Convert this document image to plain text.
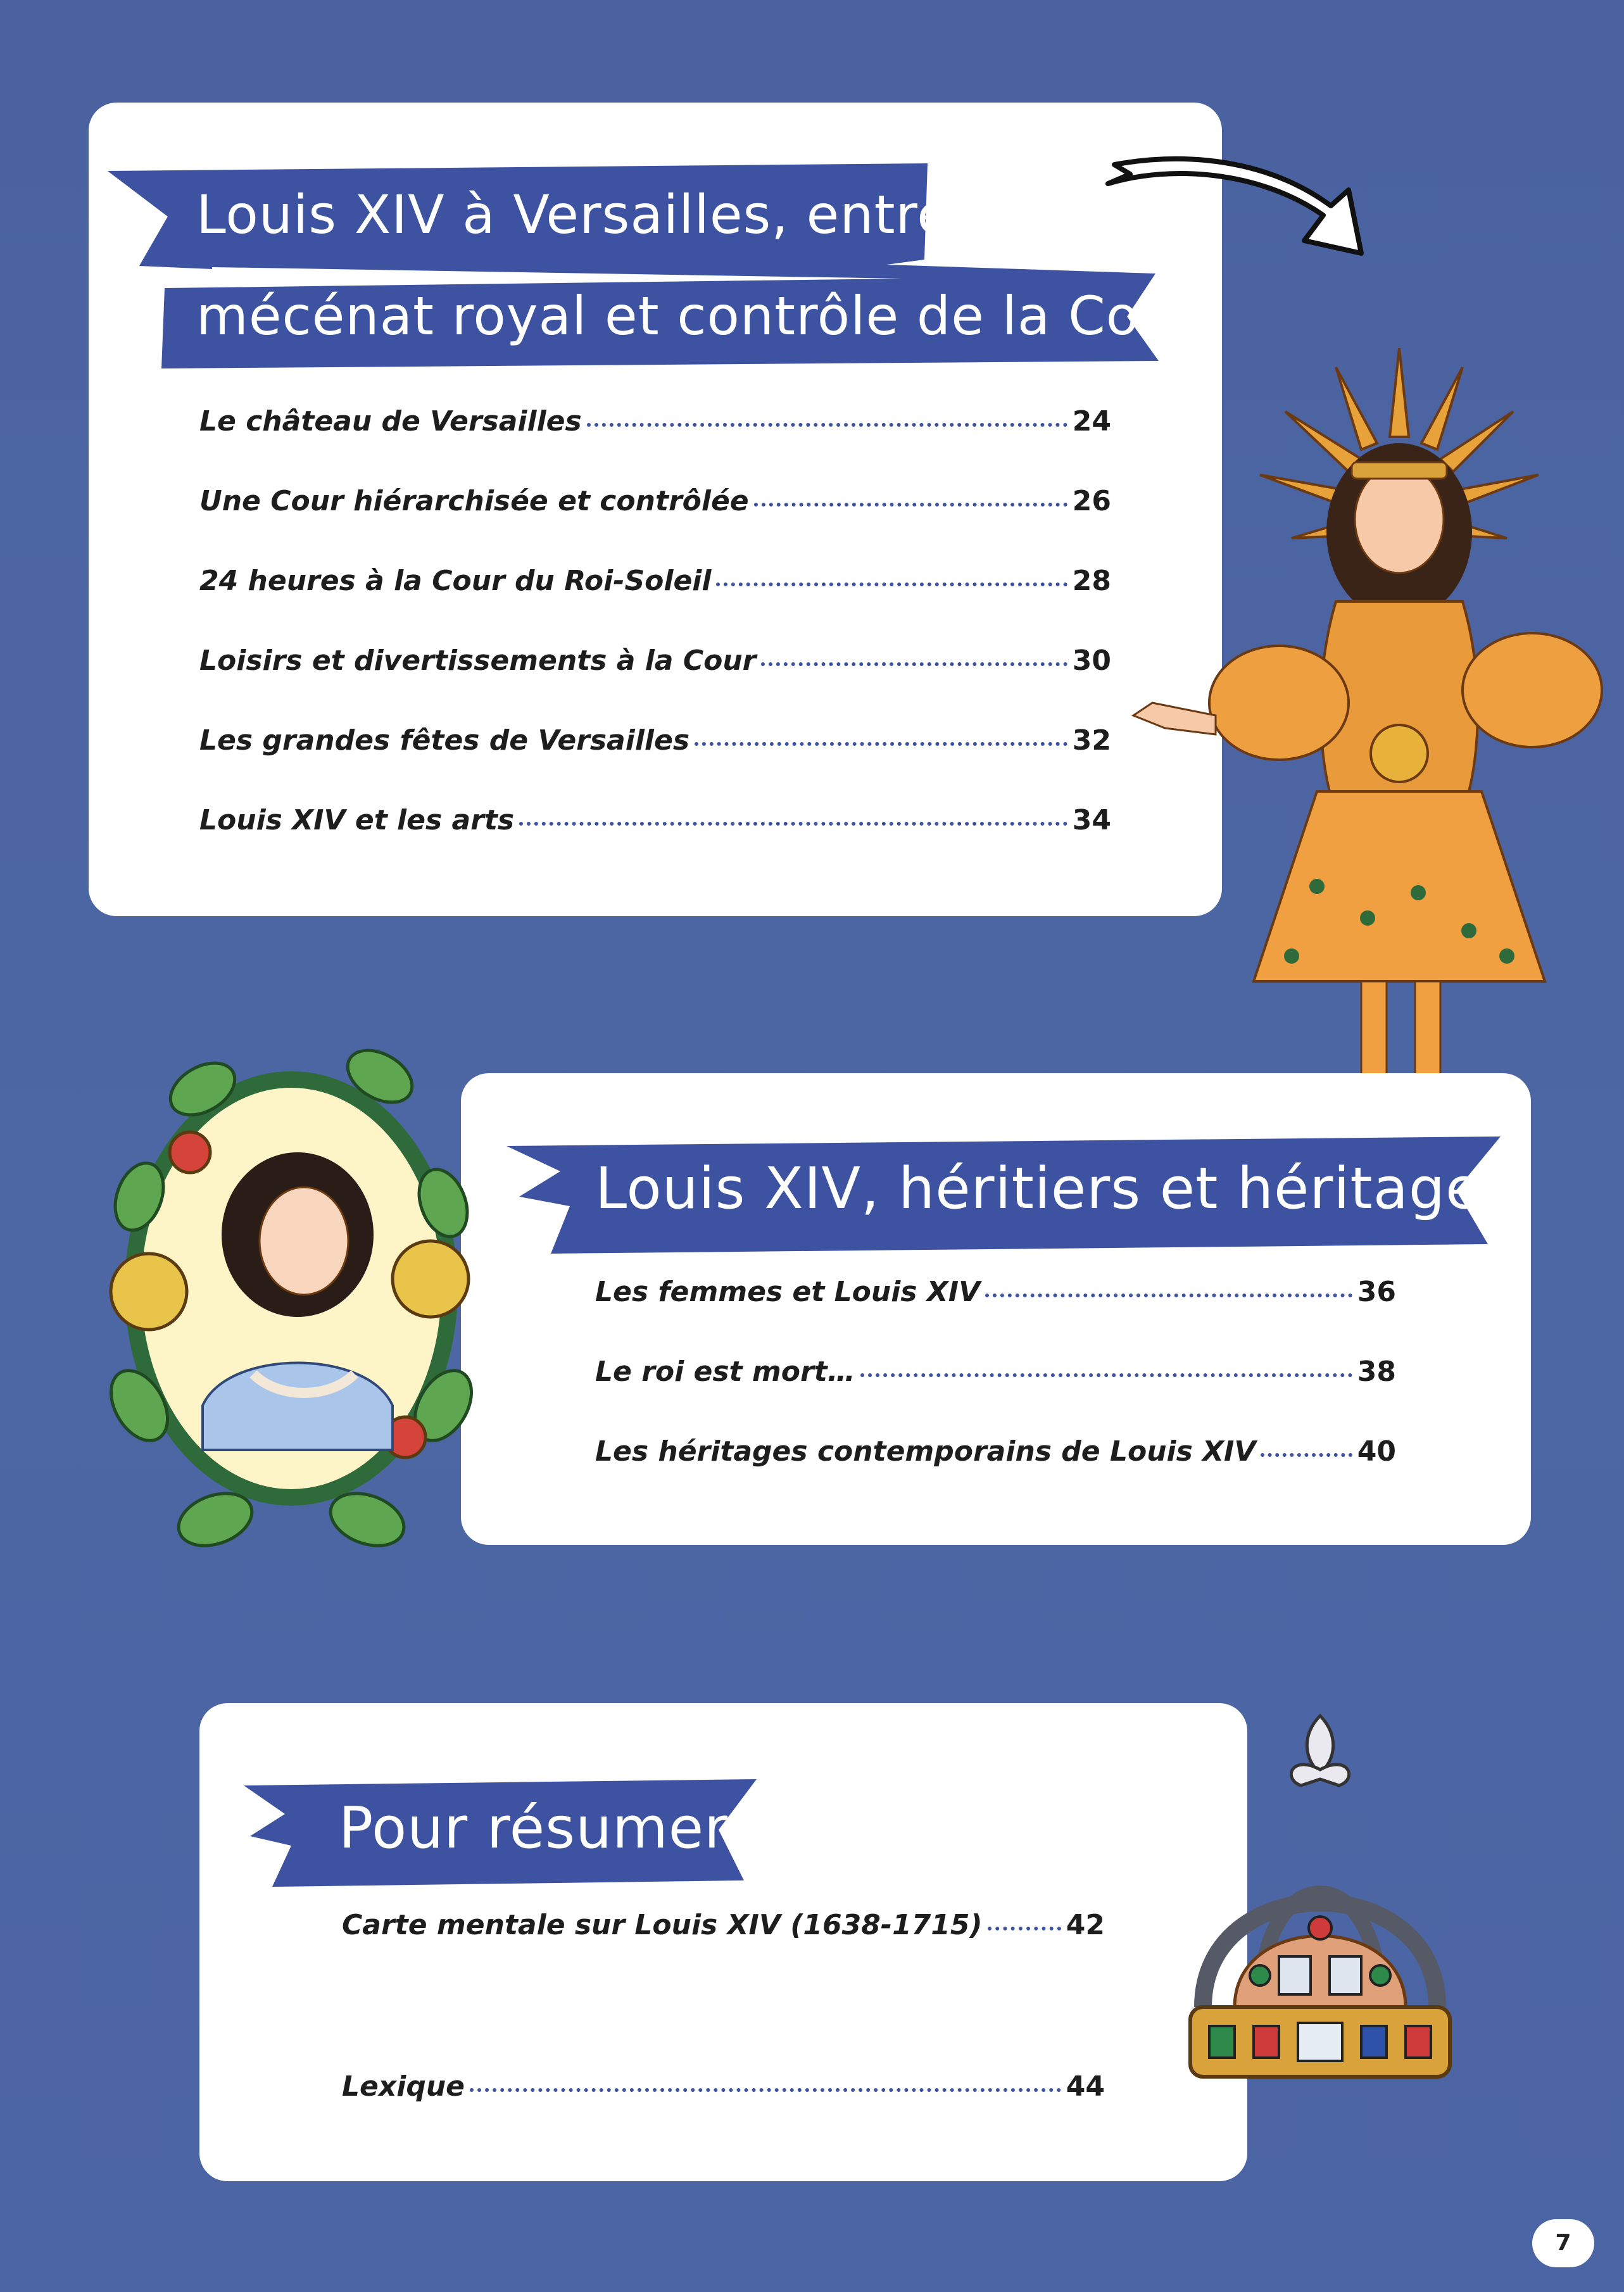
Louis XIV à Versailles, entre
mécénat royal et contrôle de la Cour
Le château de Versailles	24
Une Cour hiérarchisée et contrôlée	26
24 heures à la Cour du Roi-Soleil	28
Loisirs et divertissements à la Cour	30
Les grandes fêtes de Versailles	32
Louis XIV et les arts	34
Louis XIV, héritiers et héritages
Les femmes et Louis XIV	36
Le roi est mort…	38
Les héritages contemporains de Louis XIV	40
Pour résumer
Carte mentale sur Louis XIV (1638-1715)	42
Lexique	44
7
